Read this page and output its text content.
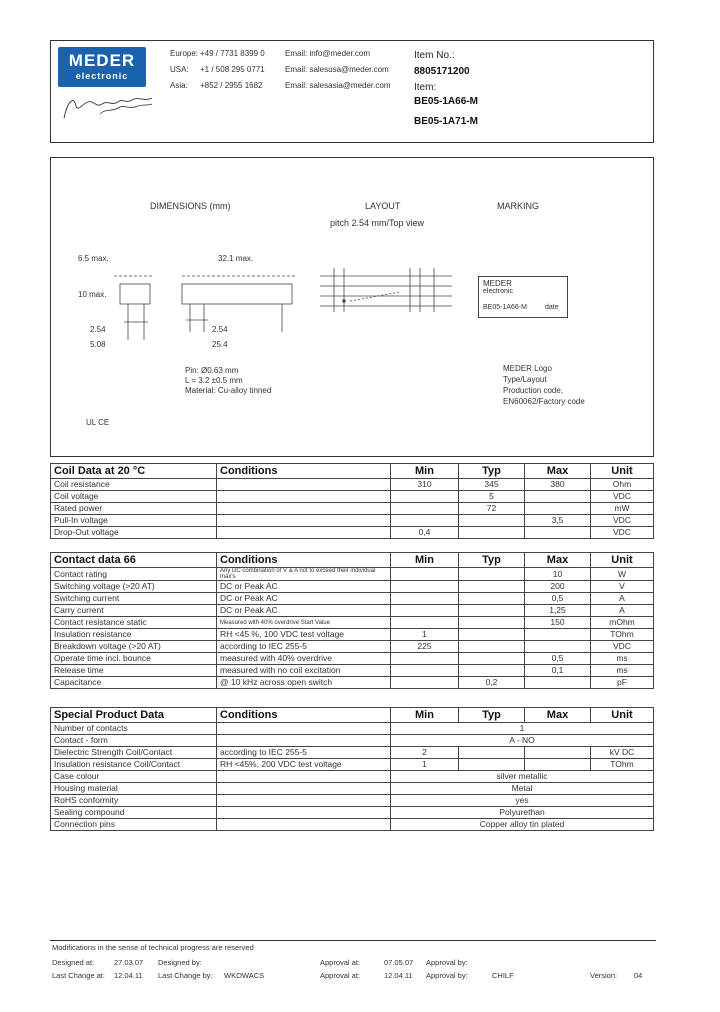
MEDER
electronic
Europe: +49 / 7731 8399 0	Email: info@meder.com
USA: +1 / 508 295 0771	Email: salesusa@meder.com
Asia: +852 / 2955 1682	Email: salesasia@meder.com
Item No.:
8805171200
Item:
BE05-1A66-M
BE05-1A71-M
DIMENSIONS (mm)	LAYOUT	MARKING
pitch 2.54 mm/Top view
6.5 max.	32.1 max.
10 max.
2.54
5.08
2.54
25.4
Pin: Ø0.63 mm
L = 3.2 ±0.5 mm
Material: Cu-alloy tinned
UL CE
MEDER
electronic
BE05-1A66-M	date
MEDER Logo
Type/Layout
Production code,
EN60062/Factory code
Coil Data at 20 °C	Conditions	Min	Typ	Max	Unit
Coil resistance		310	345	380	Ohm
Coil voltage			5		VDC
Rated power			72		mW
Pull-In voltage				3,5	VDC
Drop-Out voltage		0,4			VDC
Contact data 66	Conditions	Min	Typ	Max	Unit
Contact rating	Any DC combination of V & A not to exceed their individual max's			10	W
Switching voltage (>20 AT)	DC or Peak AC			200	V
Switching current	DC or Peak AC			0,5	A
Carry current	DC or Peak AC			1,25	A
Contact resistance static	Measured with 40% overdrive Start Value			150	mOhm
Insulation resistance	RH <45 %, 100 VDC test voltage	1			TOhm
Breakdown voltage (>20 AT)	according to IEC 255-5	225			VDC
Operate time incl. bounce	measured with 40% overdrive			0,5	ms
Release time	measured with no coil excitation			0,1	ms
Capacitance	@ 10 kHz across open switch		0,2		pF
Special Product Data	Conditions	Min	Typ	Max	Unit
Number of contacts		1			
Contact - form		A - NO			
Dielectric Strength Coil/Contact	according to IEC 255-5	2			kV DC
Insulation resistance Coil/Contact	RH <45%, 200 VDC test voltage	1			TOhm
Case colour		silver metallic			
Housing material		Metal			
RoHS conformity		yes			
Sealing compound		Polyurethan			
Connection pins		Copper alloy tin plated			
Modifications in the sense of technical progress are reserved
Designed at:	27.03.07 Designed by:	Approval at:	07.05.07 Approval by:
Last Change at: 12.04.11 Last Change by: WKOWACS	Approval at:	12.04.11 Approval by:	CHILF	Version: 04
